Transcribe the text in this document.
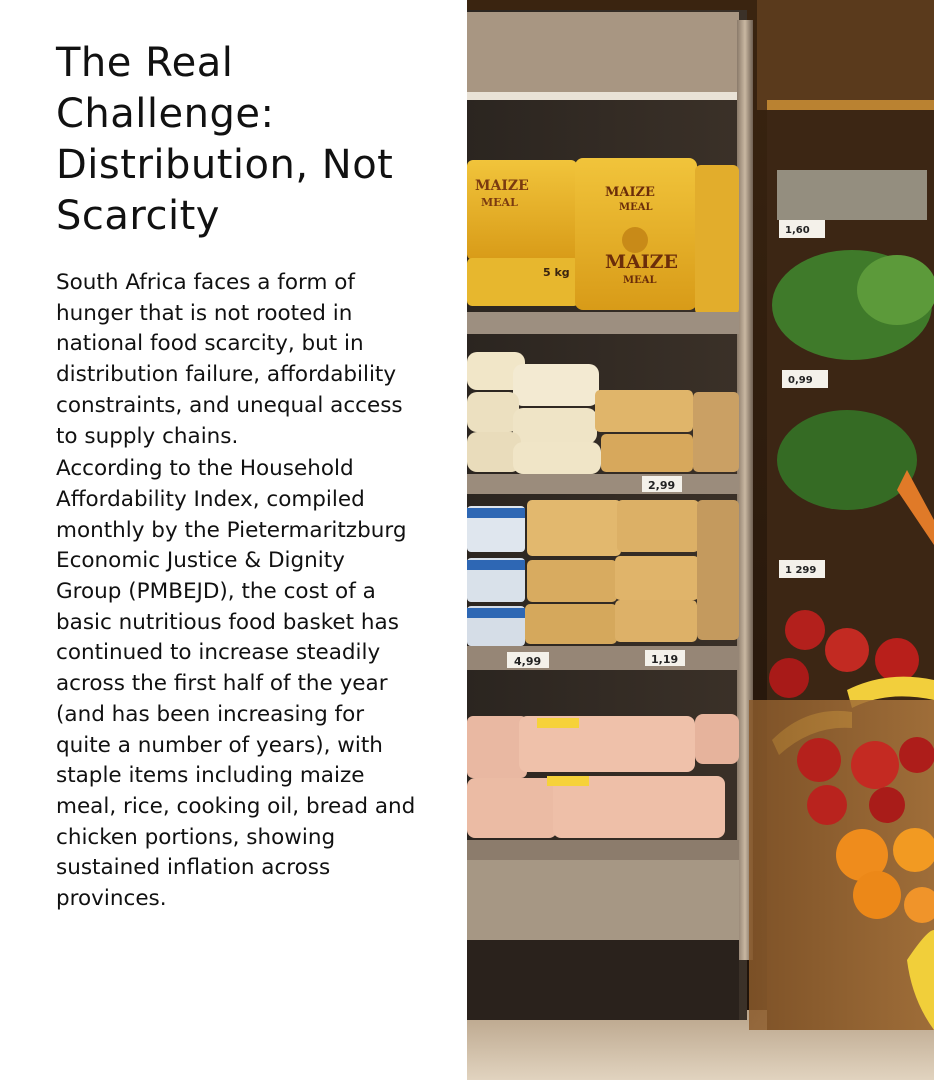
The Real Challenge: Distribution, Not Scarcity

South Africa faces a form of hunger that is not rooted in national food scarcity, but in distribution failure, affordability constraints, and unequal access to supply chains.

According to the Household Affordability Index, compiled monthly by the Pietermaritzburg Economic Justice & Dignity Group (PMBEJD), the cost of a basic nutritious food basket has continued to increase steadily across the first half of the year (and has been increasing for quite a number of years), with staple items including maize meal, rice, cooking oil, bread and chicken portions, showing sustained inflation across provinces.

MAIZE
MEAL
5 kg
MAIZE
MEAL
MAIZE
MEAL
2,99
4,99	1,19
1,60
0,99
1 299
